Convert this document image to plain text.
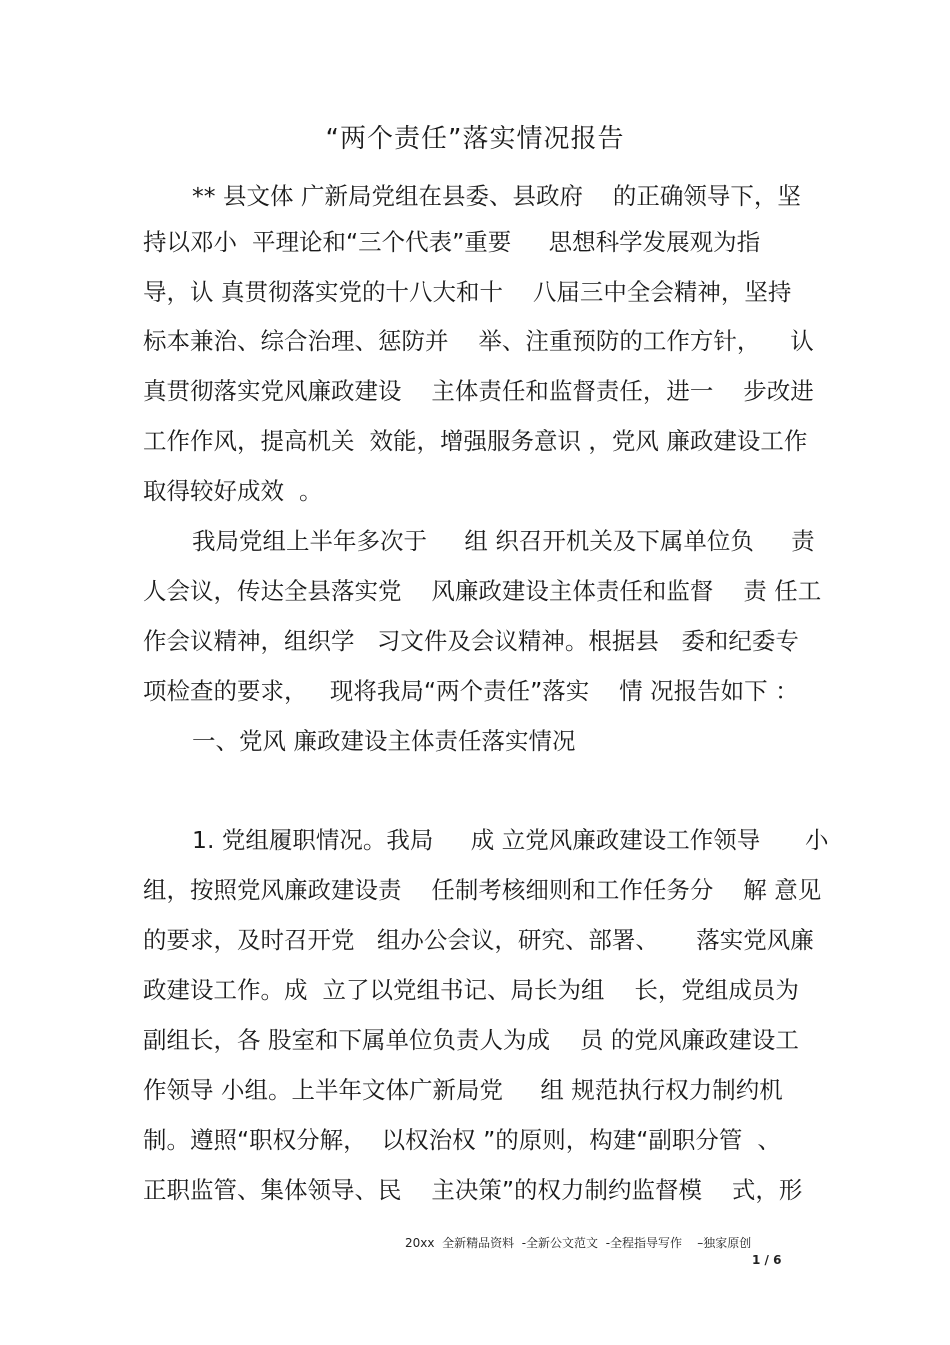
“两个责任”落实情况报告
** 县文体 广新局党组在县委、县政府    的正确领导下，坚
持以邓小  平理论和“三个代表”重要     思想科学发展观为指
导，认 真贯彻落实党的十八大和十    八届三中全会精神，坚持
标本兼治、综合治理、惩防并    举、注重预防的工作方针，    认
真贯彻落实党风廉政建设    主体责任和监督责任，进一    步改进
工作作风，提高机关  效能，增强服务意识 ，党风 廉政建设工作
取得较好成效  。
我局党组上半年多次于     组 织召开机关及下属单位负     责
人会议，传达全县落实党    风廉政建设主体责任和监督    责 任工
作会议精神，组织学   习文件及会议精神。根据县   委和纪委专
项检查的要求，   现将我局“两个责任”落实    情 况报告如下 ：
一、党风 廉政建设主体责任落实情况
1. 党组履职情况。我局     成 立党风廉政建设工作领导      小
组，按照党风廉政建设责    任制考核细则和工作任务分    解 意见
的要求，及时召开党   组办公会议，研究、部署、     落实党风廉
政建设工作。成  立了以党组书记、局长为组    长，党组成员为
副组长，各 股室和下属单位负责人为成    员 的党风廉政建设工
作领导 小组。上半年文体广新局党     组 规范执行权力制约机
制。遵照“职权分解，  以权治权 ”的原则，构建“副职分管  、
正职监管、集体领导、民    主决策”的权力制约监督模    式，形
20xx  全新精品资料  -全新公文范文  -全程指导写作    –独家原创
1 / 6
